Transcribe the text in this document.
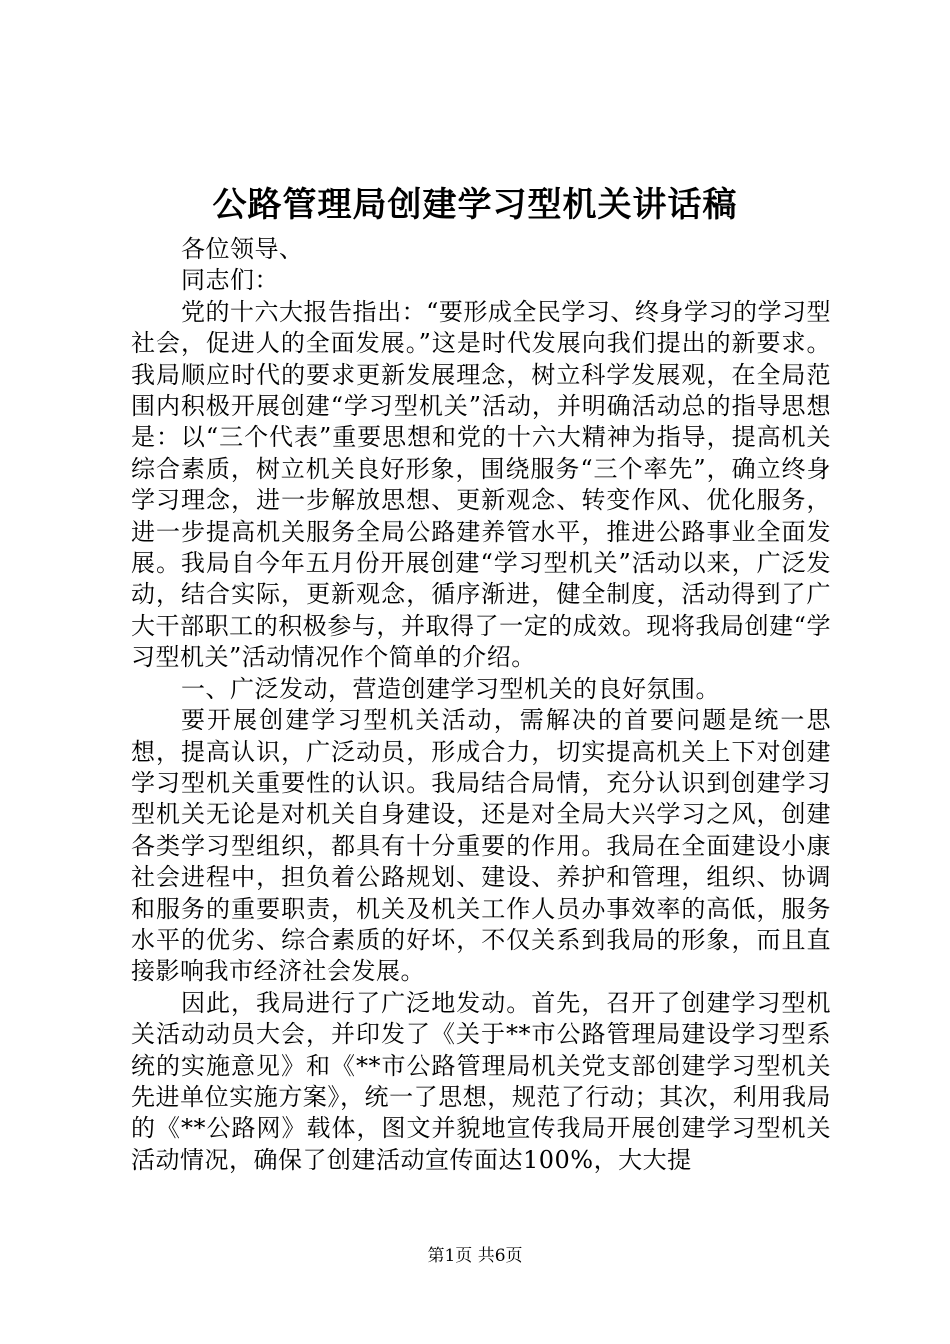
公路管理局创建学习型机关讲话稿

各位领导、

同志们：

党的十六大报告指出：“要形成全民学习、终身学习的学习型社会，促进人的全面发展。”这是时代发展向我们提出的新要求。我局顺应时代的要求更新发展理念，树立科学发展观，在全局范围内积极开展创建“学习型机关”活动，并明确活动总的指导思想是：以“三个代表”重要思想和党的十六大精神为指导，提高机关综合素质，树立机关良好形象，围绕服务“三个率先”，确立终身学习理念，进一步解放思想、更新观念、转变作风、优化服务，进一步提高机关服务全局公路建养管水平，推进公路事业全面发展。我局自今年五月份开展创建“学习型机关”活动以来，广泛发动，结合实际，更新观念，循序渐进，健全制度，活动得到了广大干部职工的积极参与，并取得了一定的成效。现将我局创建“学习型机关”活动情况作个简单的介绍。

一、广泛发动，营造创建学习型机关的良好氛围。

要开展创建学习型机关活动，需解决的首要问题是统一思想，提高认识，广泛动员，形成合力，切实提高机关上下对创建学习型机关重要性的认识。我局结合局情，充分认识到创建学习型机关无论是对机关自身建设，还是对全局大兴学习之风，创建各类学习型组织，都具有十分重要的作用。我局在全面建设小康社会进程中，担负着公路规划、建设、养护和管理，组织、协调和服务的重要职责，机关及机关工作人员办事效率的高低，服务水平的优劣、综合素质的好坏，不仅关系到我局的形象，而且直接影响我市经济社会发展。

因此，我局进行了广泛地发动。首先，召开了创建学习型机关活动动员大会，并印发了《关于**市公路管理局建设学习型系统的实施意见》和《**市公路管理局机关党支部创建学习型机关先进单位实施方案》，统一了思想，规范了行动；其次，利用我局的《**公路网》载体，图文并貌地宣传我局开展创建学习型机关活动情况，确保了创建活动宣传面达100%，大大提

第1页 共6页
